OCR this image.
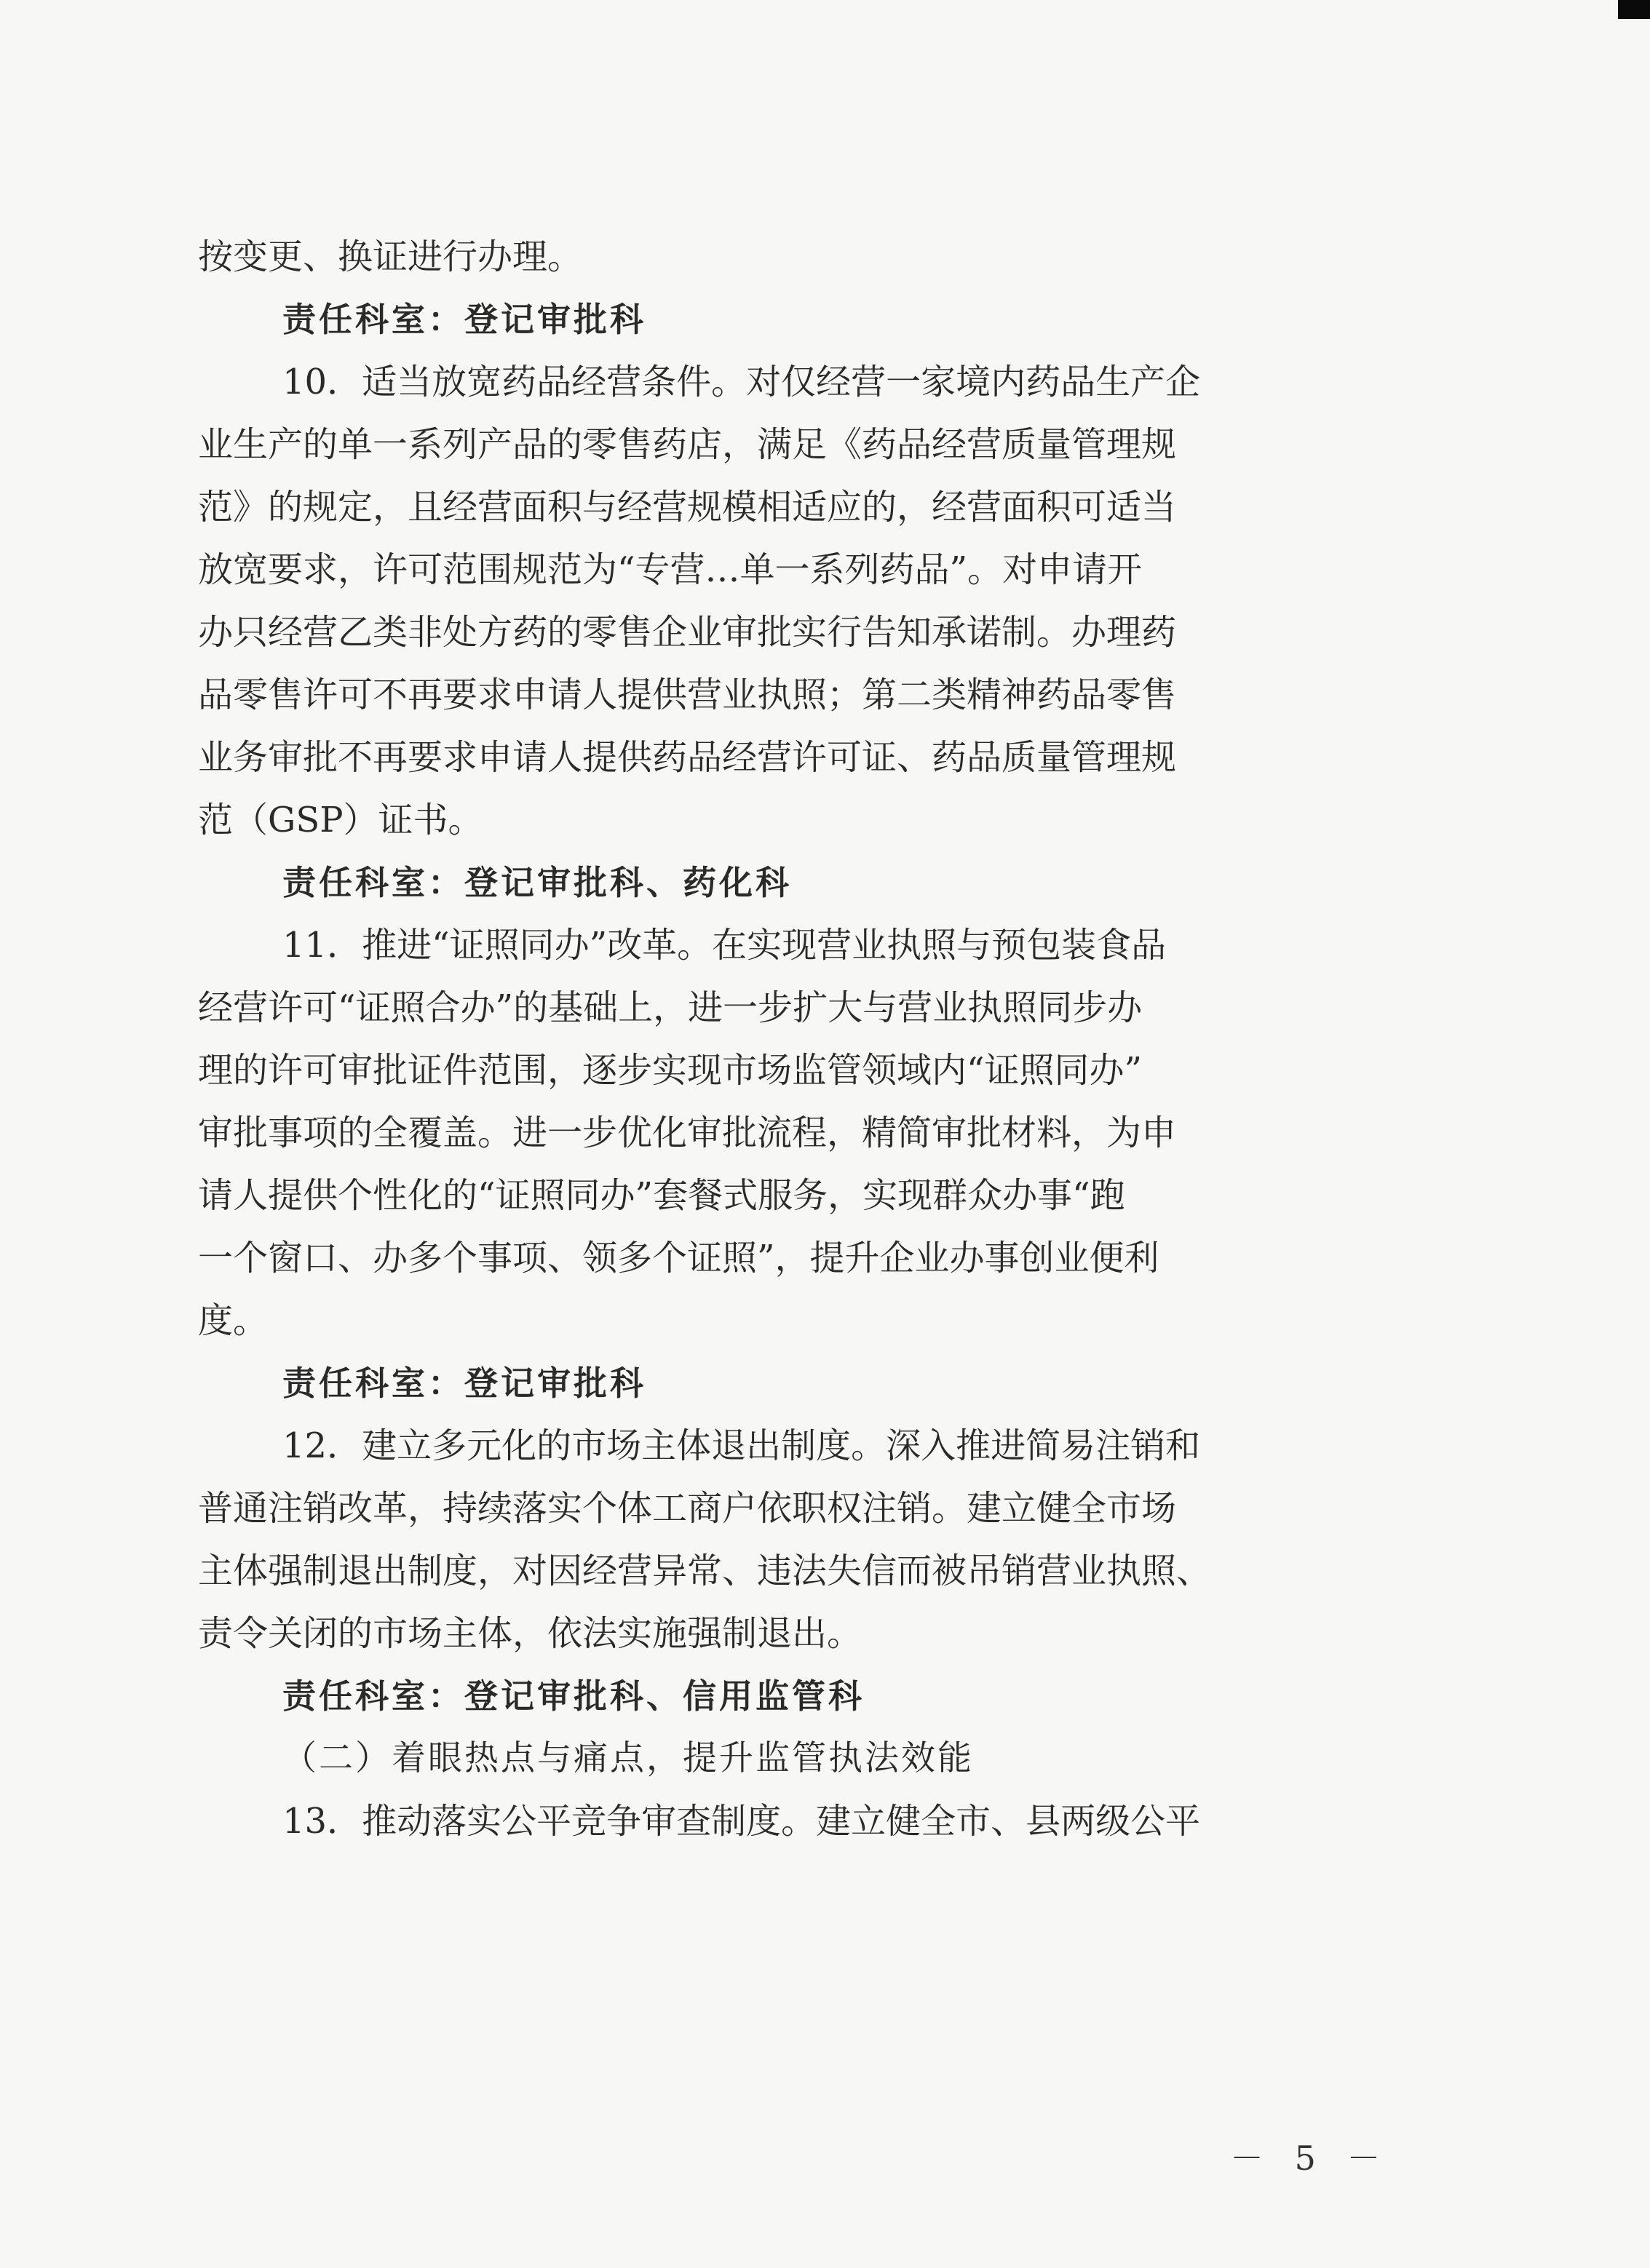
按变更、换证进行办理。
责任科室：登记审批科
10．适当放宽药品经营条件。对仅经营一家境内药品生产企
业生产的单一系列产品的零售药店，满足《药品经营质量管理规
范》的规定，且经营面积与经营规模相适应的，经营面积可适当
放宽要求，许可范围规范为“专营…单一系列药品”。对申请开
办只经营乙类非处方药的零售企业审批实行告知承诺制。办理药
品零售许可不再要求申请人提供营业执照；第二类精神药品零售
业务审批不再要求申请人提供药品经营许可证、药品质量管理规
范（GSP）证书。
责任科室：登记审批科、药化科
11．推进“证照同办”改革。在实现营业执照与预包装食品
经营许可“证照合办”的基础上，进一步扩大与营业执照同步办
理的许可审批证件范围，逐步实现市场监管领域内“证照同办”
审批事项的全覆盖。进一步优化审批流程，精简审批材料，为申
请人提供个性化的“证照同办”套餐式服务，实现群众办事“跑
一个窗口、办多个事项、领多个证照”，提升企业办事创业便利
度。
责任科室：登记审批科
12．建立多元化的市场主体退出制度。深入推进简易注销和
普通注销改革，持续落实个体工商户依职权注销。建立健全市场
主体强制退出制度，对因经营异常、违法失信而被吊销营业执照、
责令关闭的市场主体，依法实施强制退出。
责任科室：登记审批科、信用监管科
（二）着眼热点与痛点，提升监管执法效能
13．推动落实公平竞争审查制度。建立健全市、县两级公平
－ 5 －
